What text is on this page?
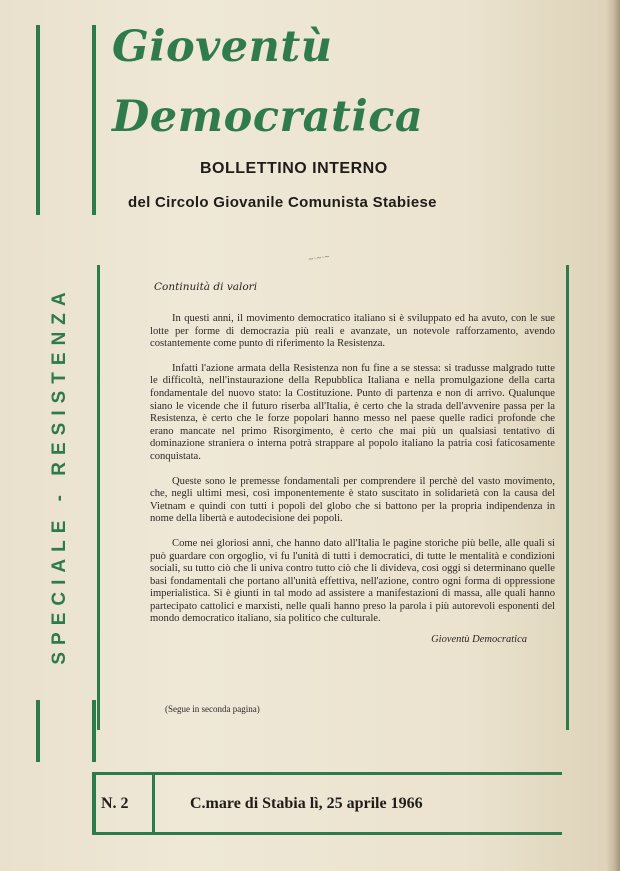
Gioventù
Democratica
BOLLETTINO INTERNO
del Circolo Giovanile Comunista Stabiese
SPECIALE - RESISTENZA
~·~·~
Continuità di valori

In questi anni, il movimento democratico italiano si è sviluppato ed ha avuto, con le sue lotte per forme di democrazia più reali e avanzate, un notevole rafforzamento, avendo costantemente come punto di riferimento la Resistenza.

Infatti l'azione armata della Resistenza non fu fine a se stessa: si tradusse malgrado tutte le difficoltà, nell'instaurazione della Repubblica Italiana e nella promulgazione della carta fondamentale del nuovo stato: la Costituzione. Punto di partenza e non di arrivo. Qualunque siano le vicende che il futuro riserba all'Italia, è certo che la strada dell'avvenire passa per la Resistenza, è certo che le forze popolari hanno messo nel paese quelle radici profonde che erano mancate nel primo Risorgimento, è certo che mai più un qualsiasi tentativo di dominazione straniera o interna potrà strappare al popolo italiano la patria così faticosamente conquistata.

Queste sono le premesse fondamentali per comprendere il perchè del vasto movimento, che, negli ultimi mesi, così imponentemente è stato suscitato in solidarietà con la causa del Vietnam e quindi con tutti i popoli del globo che si battono per la propria indipendenza in nome della libertà e autodecisione dei popoli.

Come nei gloriosi anni, che hanno dato all'Italia le pagine storiche più belle, alle quali si può guardare con orgoglio, vi fu l'unità di tutti i democratici, di tutte le mentalità e condizioni sociali, su tutto ciò che li univa contro tutto ciò che li divideva, così oggi si determinano quelle basi fondamentali che portano all'unità effettiva, nell'azione, contro ogni forma di oppressione imperialistica. Si è giunti in tal modo ad assistere a manifestazioni di massa, alle quali hanno partecipato cattolici e marxisti, nelle quali hanno preso la parola i più autorevoli esponenti del mondo democratico italiano, sia politico che culturale.

Gioventù Democratica
(Segue in seconda pagina)
N. 2	C.mare di Stabia lì, 25 aprile 1966
